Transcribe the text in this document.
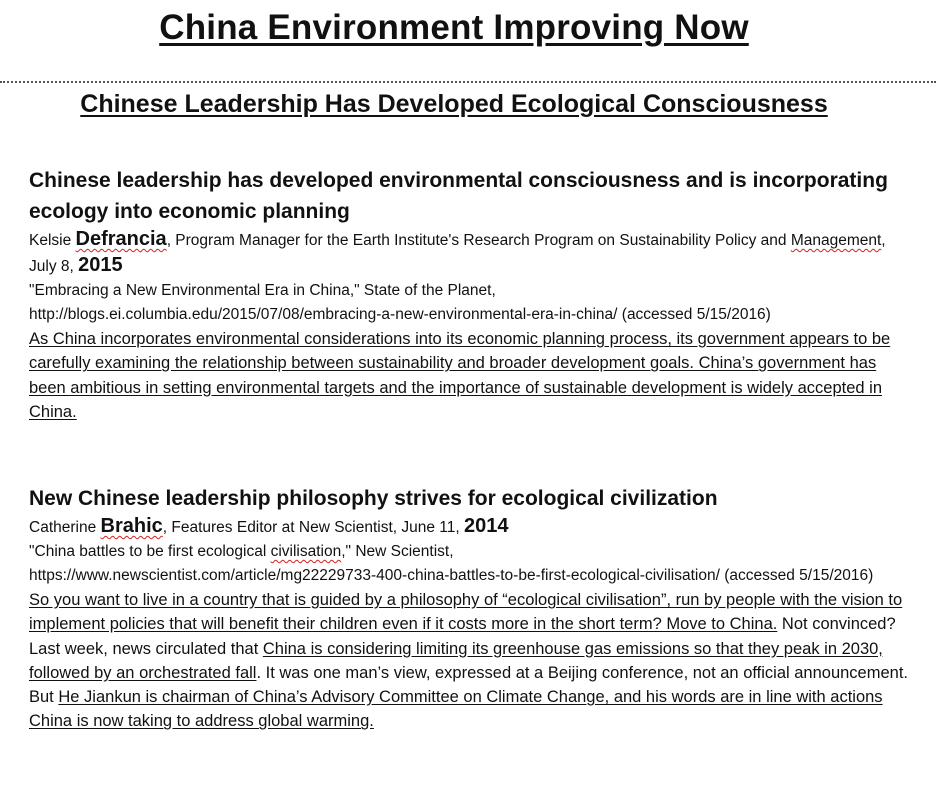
China Environment Improving Now
Chinese Leadership Has Developed Ecological Consciousness

Chinese leadership has developed environmental consciousness and is incorporating ecology into economic planning

Kelsie Defrancia, Program Manager for the Earth Institute's Research Program on Sustainability Policy and Management, July 8, 2015

"Embracing a New Environmental Era in China," State of the Planet,

http://blogs.ei.columbia.edu/2015/07/08/embracing-a-new-environmental-era-in-china/ (accessed 5/15/2016)

As China incorporates environmental considerations into its economic planning process, its government appears to be carefully examining the relationship between sustainability and broader development goals. China’s government has been ambitious in setting environmental targets and the importance of sustainable development is widely accepted in China.

New Chinese leadership philosophy strives for ecological civilization

Catherine Brahic, Features Editor at New Scientist, June 11, 2014

"China battles to be first ecological civilisation," New Scientist,

https://www.newscientist.com/article/mg22229733-400-china-battles-to-be-first-ecological-civilisation/ (accessed 5/15/2016)

So you want to live in a country that is guided by a philosophy of “ecological civilisation”, run by people with the vision to implement policies that will benefit their children even if it costs more in the short term? Move to China. Not convinced? Last week, news circulated that China is considering limiting its greenhouse gas emissions so that they peak in 2030, followed by an orchestrated fall. It was one man’s view, expressed at a Beijing conference, not an official announcement. But He Jiankun is chairman of China’s Advisory Committee on Climate Change, and his words are in line with actions China is now taking to address global warming.
